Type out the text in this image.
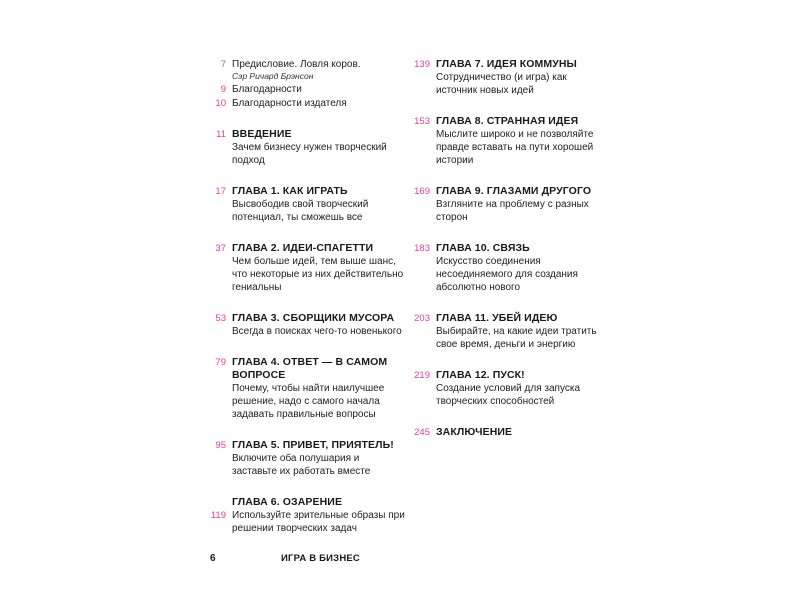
7 Предисловие. Ловля коров.
Сэр Ричард Брэнсон
9 Благодарности
10 Благодарности издателя
11 ВВЕДЕНИЕ
Зачем бизнесу нужен творческий подход
17 ГЛАВА 1. КАК ИГРАТЬ
Высвободив свой творческий потенциал, ты сможешь все
37 ГЛАВА 2. ИДЕИ-СПАГЕТТИ
Чем больше идей, тем выше шанс, что некоторые из них действительно гениальны
53 ГЛАВА 3. СБОРЩИКИ МУСОРА
Всегда в поисках чего-то новенького
79 ГЛАВА 4. ОТВЕТ — В САМОМ ВОПРОСЕ
Почему, чтобы найти наилучшее решение, надо с самого начала задавать правильные вопросы
95 ГЛАВА 5. ПРИВЕТ, ПРИЯТЕЛЬ!
Включите оба полушария и заставьте их работать вместе
119
ГЛАВА 6. ОЗАРЕНИЕ
Используйте зрительные образы при решении творческих задач
139 ГЛАВА 7. ИДЕЯ КОММУНЫ
Сотрудничество (и игра) как источник новых идей
153 ГЛАВА 8. СТРАННАЯ ИДЕЯ
Мыслите широко и не позволяйте правде вставать на пути хорошей истории
169 ГЛАВА 9. ГЛАЗАМИ ДРУГОГО
Взгляните на проблему с разных сторон
183 ГЛАВА 10. СВЯЗЬ
Искусство соединения несоединяемого для создания абсолютно нового
203 ГЛАВА 11. УБЕЙ ИДЕЮ
Выбирайте, на какие идеи тратить свое время, деньги и энергию
219 ГЛАВА 12. ПУСК!
Создание условий для запуска творческих способностей
245 ЗАКЛЮЧЕНИЕ
6	ИГРА В БИЗНЕС
